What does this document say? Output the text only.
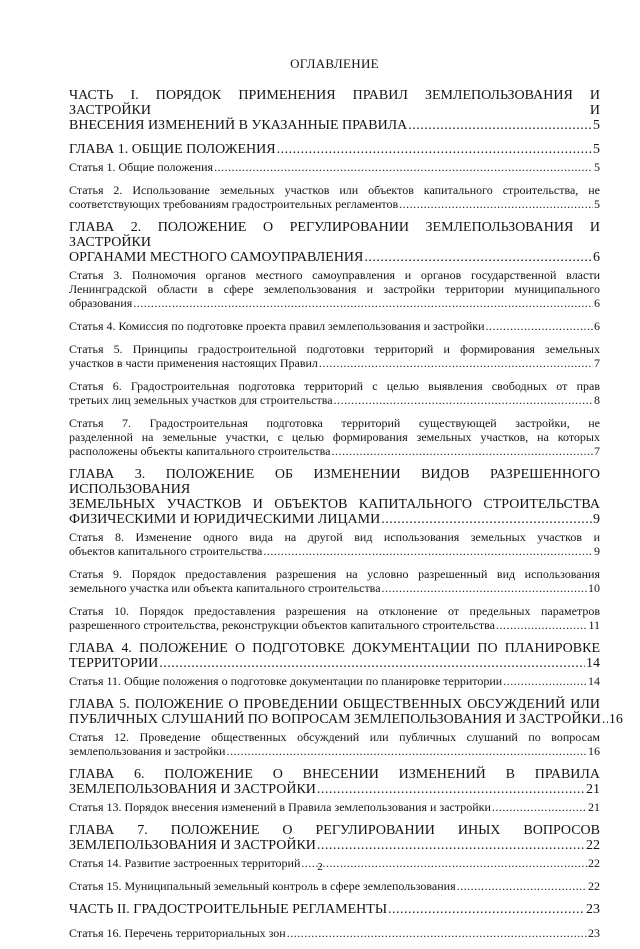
ОГЛАВЛЕНИЕ
ЧАСТЬ I. ПОРЯДОК ПРИМЕНЕНИЯ ПРАВИЛ ЗЕМЛЕПОЛЬЗОВАНИЯ И ЗАСТРОЙКИ И
ВНЕСЕНИЯ ИЗМЕНЕНИЙ В УКАЗАННЫЕ ПРАВИЛА .....	5
ГЛАВА 1. ОБЩИЕ ПОЛОЖЕНИЯ .....	5
Статья 1. Общие положения .....	5
Статья 2. Использование земельных участков или объектов капитального строительства, не
соответствующих требованиям градостроительных регламентов .....	5
ГЛАВА 2. ПОЛОЖЕНИЕ О РЕГУЛИРОВАНИИ ЗЕМЛЕПОЛЬЗОВАНИЯ И ЗАСТРОЙКИ
ОРГАНАМИ МЕСТНОГО САМОУПРАВЛЕНИЯ .....	6
Статья 3. Полномочия органов местного самоуправления и органов государственной власти
Ленинградской области в сфере землепользования и застройки территории муниципального
образования .....	6
Статья 4. Комиссия по подготовке проекта правил землепользования и застройки .....	6
Статья 5. Принципы градостроительной подготовки территорий и формирования земельных
участков в части применения настоящих Правил .....	7
Статья 6. Градостроительная подготовка территорий с целью выявления свободных от прав
третьих лиц земельных участков для строительства .....	8
Статья 7. Градостроительная подготовка территорий существующей застройки, не
разделенной на земельные участки, с целью формирования земельных участков, на которых
расположены объекты капитального строительства .....	7
ГЛАВА 3. ПОЛОЖЕНИЕ ОБ ИЗМЕНЕНИИ ВИДОВ РАЗРЕШЕННОГО ИСПОЛЬЗОВАНИЯ
ЗЕМЕЛЬНЫХ УЧАСТКОВ И ОБЪЕКТОВ КАПИТАЛЬНОГО СТРОИТЕЛЬСТВА
ФИЗИЧЕСКИМИ И ЮРИДИЧЕСКИМИ ЛИЦАМИ .....	9
Статья 8. Изменение одного вида на другой вид использования земельных участков и
объектов капитального строительства .....	9
Статья 9. Порядок предоставления разрешения на условно разрешенный вид использования
земельного участка или объекта капитального строительства .....	10
Статья 10. Порядок предоставления разрешения на отклонение от предельных параметров
разрешенного строительства, реконструкции объектов капитального строительства .....	11
ГЛАВА 4. ПОЛОЖЕНИЕ О ПОДГОТОВКЕ ДОКУМЕНТАЦИИ ПО ПЛАНИРОВКЕ
ТЕРРИТОРИИ .....	14
Статья 11. Общие положения о подготовке документации по планировке территории .....	14
ГЛАВА 5. ПОЛОЖЕНИЕ О ПРОВЕДЕНИИ ОБЩЕСТВЕННЫХ ОБСУЖДЕНИЙ ИЛИ
ПУБЛИЧНЫХ СЛУШАНИЙ ПО ВОПРОСАМ ЗЕМЛЕПОЛЬЗОВАНИЯ И ЗАСТРОЙКИ ..... 16
Статья 12. Проведение общественных обсуждений или публичных слушаний по вопросам
землепользования и застройки .....	16
ГЛАВА 6. ПОЛОЖЕНИЕ О ВНЕСЕНИИ ИЗМЕНЕНИЙ В ПРАВИЛА
ЗЕМЛЕПОЛЬЗОВАНИЯ И ЗАСТРОЙКИ .....	21
Статья 13. Порядок внесения изменений в Правила землепользования и застройки .....	21
ГЛАВА 7. ПОЛОЖЕНИЕ О РЕГУЛИРОВАНИИ ИНЫХ ВОПРОСОВ
ЗЕМЛЕПОЛЬЗОВАНИЯ И ЗАСТРОЙКИ .....	22
Статья 14. Развитие застроенных территорий .....	22
Статья 15. Муниципальный земельный контроль в сфере землепользования .....	22
ЧАСТЬ II. ГРАДОСТРОИТЕЛЬНЫЕ РЕГЛАМЕНТЫ .....	23
Статья 16. Перечень территориальных зон .....	23
2
